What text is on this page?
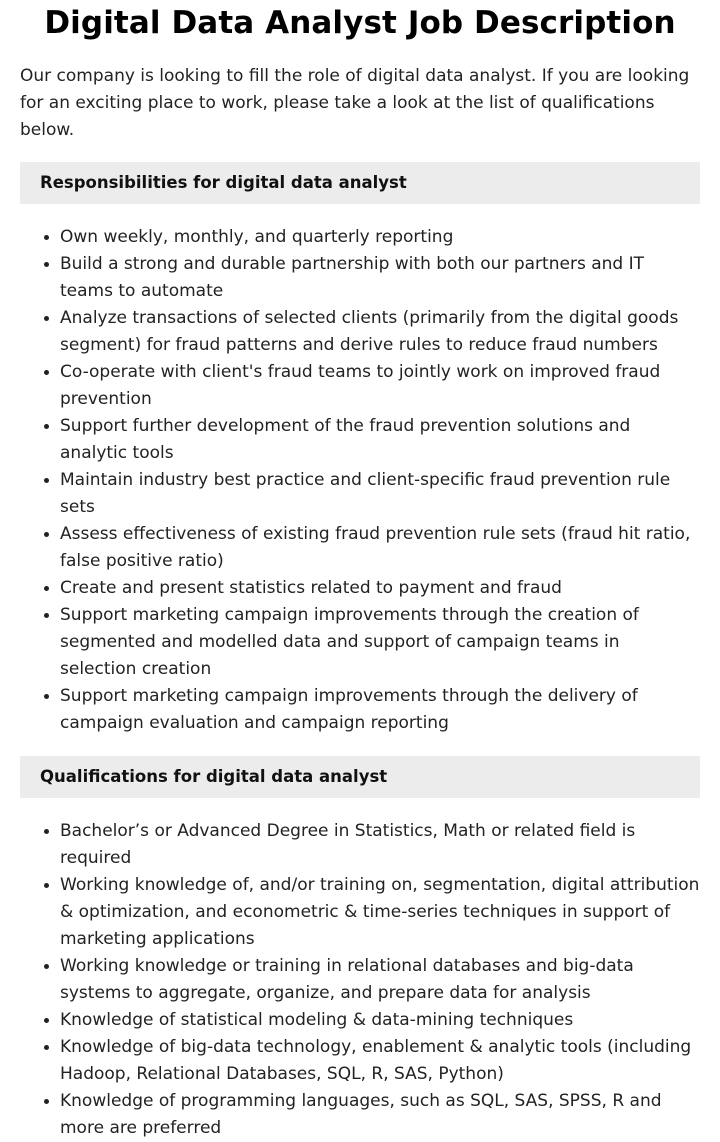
Digital Data Analyst Job Description

Our company is looking to fill the role of digital data analyst. If you are looking for an exciting place to work, please take a look at the list of qualifications below.

Responsibilities for digital data analyst
Own weekly, monthly, and quarterly reporting
Build a strong and durable partnership with both our partners and IT teams to automate
Analyze transactions of selected clients (primarily from the digital goods segment) for fraud patterns and derive rules to reduce fraud numbers
Co-operate with client's fraud teams to jointly work on improved fraud prevention
Support further development of the fraud prevention solutions and analytic tools
Maintain industry best practice and client-specific fraud prevention rule sets
Assess effectiveness of existing fraud prevention rule sets (fraud hit ratio, false positive ratio)
Create and present statistics related to payment and fraud
Support marketing campaign improvements through the creation of segmented and modelled data and support of campaign teams in selection creation
Support marketing campaign improvements through the delivery of campaign evaluation and campaign reporting
Qualifications for digital data analyst
Bachelor’s or Advanced Degree in Statistics, Math or related field is required
Working knowledge of, and/or training on, segmentation, digital attribution & optimization, and econometric & time-series techniques in support of marketing applications
Working knowledge or training in relational databases and big-data systems to aggregate, organize, and prepare data for analysis
Knowledge of statistical modeling & data-mining techniques
Knowledge of big-data technology, enablement & analytic tools (including Hadoop, Relational Databases, SQL, R, SAS, Python)
Knowledge of programming languages, such as SQL, SAS, SPSS, R and more are preferred
